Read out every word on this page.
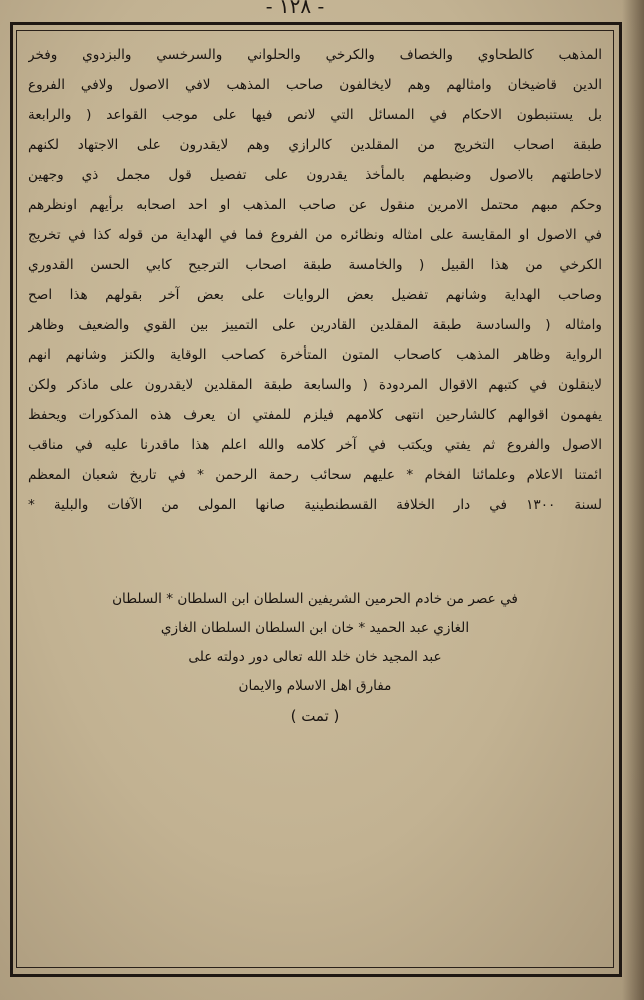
- ١٢٨ -
المذهب كالطحاوي والخصاف والكرخي والحلواني والسرخسي والبزدوي وفخر
الدين قاضيخان وامثالهم وهم لايخالفون صاحب المذهب لافي الاصول ولافي الفروع
بل يستنبطون الاحكام في المسائل التي لانص فيها على موجب القواعد ( والرابعة
طبقة اصحاب التخريج من المقلدين كالرازي وهم لايقدرون على الاجتهاد لكنهم
لاحاطتهم بالاصول وضبطهم بالمأخذ يقدرون على تفصيل قول مجمل ذي وجهين
وحكم مبهم محتمل الامرين منقول عن صاحب المذهب او احد اصحابه برأيهم اونظرهم
في الاصول او المقايسة على امثاله ونظائره من الفروع فما في الهداية من قوله كذا في تخريج
الكرخي من هذا القبيل ( والخامسة طبقة اصحاب الترجيح كابي الحسن القدوري
وصاحب الهداية وشانهم تفضيل بعض الروايات على بعض آخر بقولهم هذا اصح
وامثاله ( والسادسة طبقة المقلدين القادرين على التمييز بين القوي والضعيف وظاهر
الرواية وظاهر المذهب كاصحاب المتون المتأخرة كصاحب الوقاية والكنز وشانهم انهم
لاينقلون في كتبهم الاقوال المردودة ( والسابعة طبقة المقلدين لايقدرون على ماذكر ولكن
يفهمون اقوالهم كالشارحين انتهى كلامهم فيلزم للمفتي ان يعرف هذه المذكورات ويحفظ
الاصول والفروع ثم يفتي ويكتب في آخر كلامه والله اعلم هذا ماقدرنا عليه في مناقب
ائمتنا الاعلام وعلمائنا الفخام * عليهم سحائب رحمة الرحمن * في تاريخ شعبان المعظم
لسنة ١٣٠٠ في دار الخلافة القسطنطينية صانها المولى من الآفات والبلية *
في عصر من خادم الحرمين الشريفين السلطان ابن السلطان * السلطان
الغازي عبد الحميد * خان ابن السلطان السلطان الغازي
عبد المجيد خان خلد الله تعالى دور دولته على
مفارق اهل الاسلام والايمان
( تمت )
